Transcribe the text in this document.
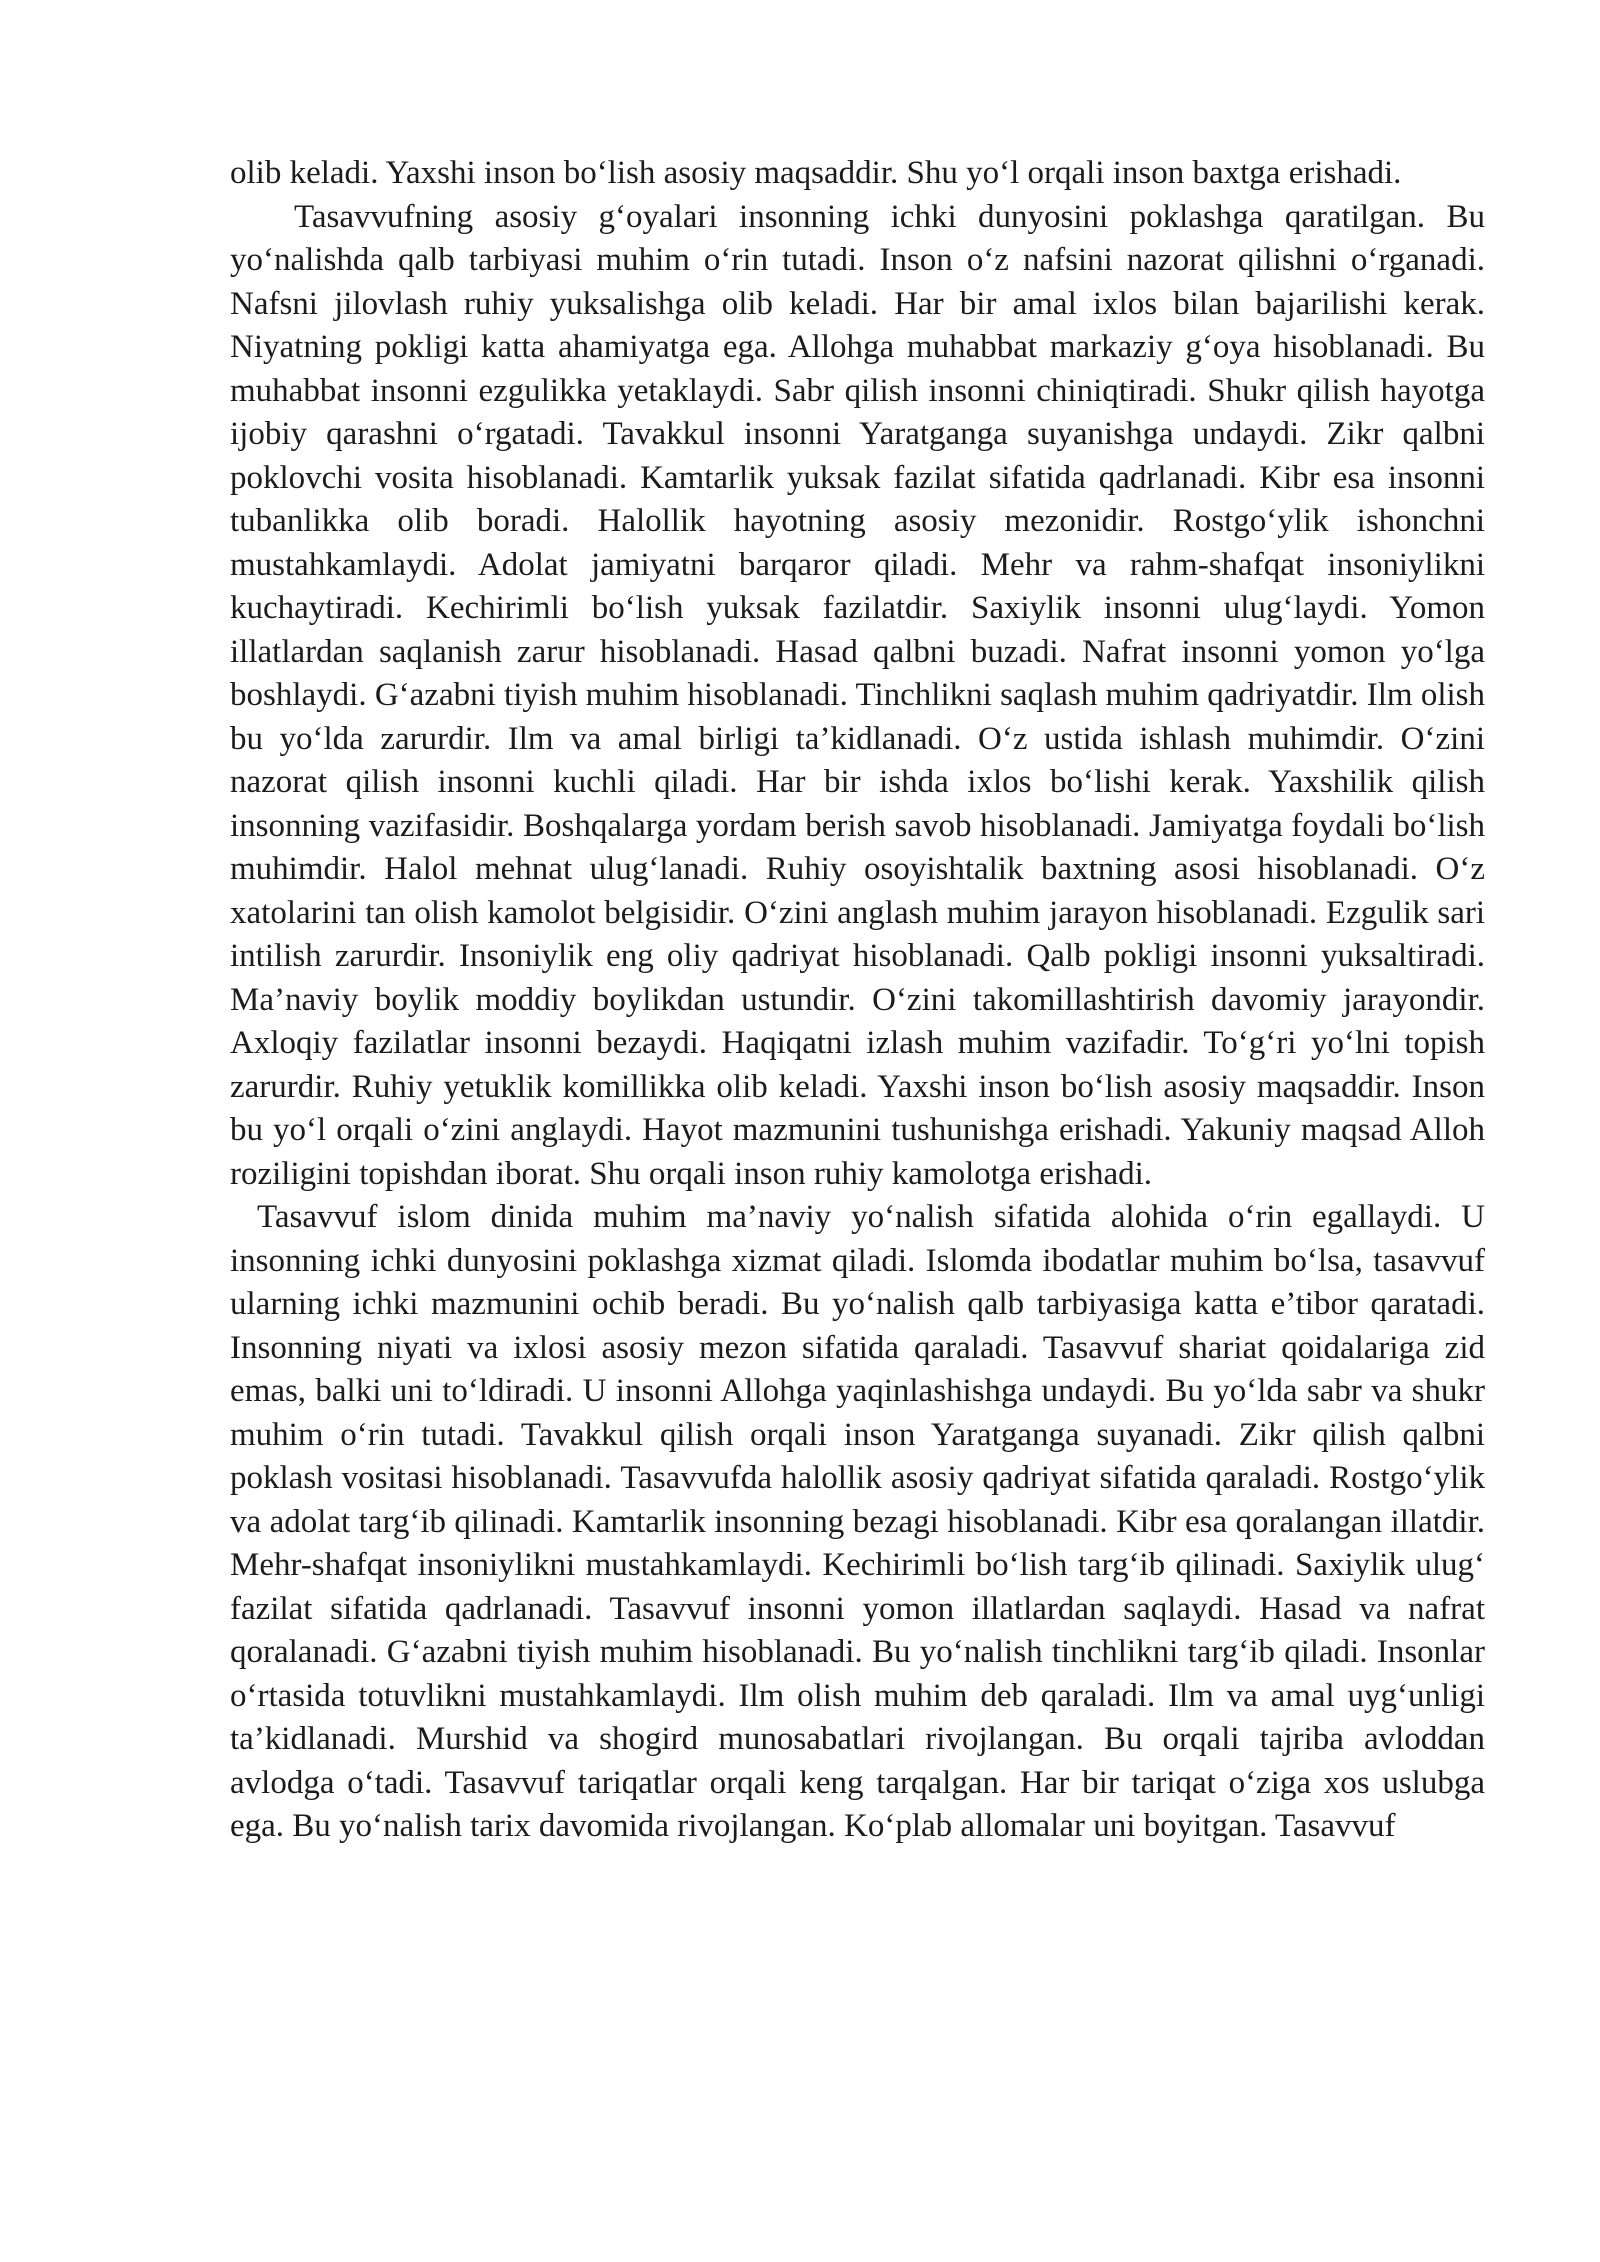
olib keladi. Yaxshi inson bo‘lish asosiy maqsaddir. Shu yo‘l orqali inson baxtga erishadi.

Tasavvufning asosiy g‘oyalari insonning ichki dunyosini poklashga qaratilgan. Bu yo‘nalishda qalb tarbiyasi muhim o‘rin tutadi. Inson o‘z nafsini nazorat qilishni o‘rganadi. Nafsni jilovlash ruhiy yuksalishga olib keladi. Har bir amal ixlos bilan bajarilishi kerak. Niyatning pokligi katta ahamiyatga ega. Allohga muhabbat markaziy g‘oya hisoblanadi. Bu muhabbat insonni ezgulikka yetaklaydi. Sabr qilish insonni chiniqtiradi. Shukr qilish hayotga ijobiy qarashni o‘rgatadi. Tavakkul insonni Yaratganga suyanishga undaydi. Zikr qalbni poklovchi vosita hisoblanadi. Kamtarlik yuksak fazilat sifatida qadrlanadi. Kibr esa insonni tubanlikka olib boradi. Halollik hayotning asosiy mezonidir. Rostgo‘ylik ishonchni mustahkamlaydi. Adolat jamiyatni barqaror qiladi. Mehr va rahm-shafqat insoniylikni kuchaytiradi. Kechirimli bo‘lish yuksak fazilatdir. Saxiylik insonni ulug‘laydi. Yomon illatlardan saqlanish zarur hisoblanadi. Hasad qalbni buzadi. Nafrat insonni yomon yo‘lga boshlaydi. G‘azabni tiyish muhim hisoblanadi. Tinchlikni saqlash muhim qadriyatdir. Ilm olish bu yo‘lda zarurdir. Ilm va amal birligi ta’kidlanadi. O‘z ustida ishlash muhimdir. O‘zini nazorat qilish insonni kuchli qiladi. Har bir ishda ixlos bo‘lishi kerak. Yaxshilik qilish insonning vazifasidir. Boshqalarga yordam berish savob hisoblanadi. Jamiyatga foydali bo‘lish muhimdir. Halol mehnat ulug‘lanadi. Ruhiy osoyishtalik baxtning asosi hisoblanadi. O‘z xatolarini tan olish kamolot belgisidir. O‘zini anglash muhim jarayon hisoblanadi. Ezgulik sari intilish zarurdir. Insoniylik eng oliy qadriyat hisoblanadi. Qalb pokligi insonni yuksaltiradi. Ma’naviy boylik moddiy boylikdan ustundir. O‘zini takomillashtirish davomiy jarayondir. Axloqiy fazilatlar insonni bezaydi. Haqiqatni izlash muhim vazifadir. To‘g‘ri yo‘lni topish zarurdir. Ruhiy yetuklik komillikka olib keladi. Yaxshi inson bo‘lish asosiy maqsaddir. Inson bu yo‘l orqali o‘zini anglaydi. Hayot mazmunini tushunishga erishadi. Yakuniy maqsad Alloh roziligini topishdan iborat. Shu orqali inson ruhiy kamolotga erishadi.

Tasavvuf islom dinida muhim ma’naviy yo‘nalish sifatida alohida o‘rin egallaydi. U insonning ichki dunyosini poklashga xizmat qiladi. Islomda ibodatlar muhim bo‘lsa, tasavvuf ularning ichki mazmunini ochib beradi. Bu yo‘nalish qalb tarbiyasiga katta e’tibor qaratadi. Insonning niyati va ixlosi asosiy mezon sifatida qaraladi. Tasavvuf shariat qoidalariga zid emas, balki uni to‘ldiradi. U insonni Allohga yaqinlashishga undaydi. Bu yo‘lda sabr va shukr muhim o‘rin tutadi. Tavakkul qilish orqali inson Yaratganga suyanadi. Zikr qilish qalbni poklash vositasi hisoblanadi. Tasavvufda halollik asosiy qadriyat sifatida qaraladi. Rostgo‘ylik va adolat targ‘ib qilinadi. Kamtarlik insonning bezagi hisoblanadi. Kibr esa qoralangan illatdir. Mehr-shafqat insoniylikni mustahkamlaydi. Kechirimli bo‘lish targ‘ib qilinadi. Saxiylik ulug‘ fazilat sifatida qadrlanadi. Tasavvuf insonni yomon illatlardan saqlaydi. Hasad va nafrat qoralanadi. G‘azabni tiyish muhim hisoblanadi. Bu yo‘nalish tinchlikni targ‘ib qiladi. Insonlar o‘rtasida totuvlikni mustahkamlaydi. Ilm olish muhim deb qaraladi. Ilm va amal uyg‘unligi ta’kidlanadi. Murshid va shogird munosabatlari rivojlangan. Bu orqali tajriba avloddan avlodga o‘tadi. Tasavvuf tariqatlar orqali keng tarqalgan. Har bir tariqat o‘ziga xos uslubga ega. Bu yo‘nalish tarix davomida rivojlangan. Ko‘plab allomalar uni boyitgan. Tasavvuf
